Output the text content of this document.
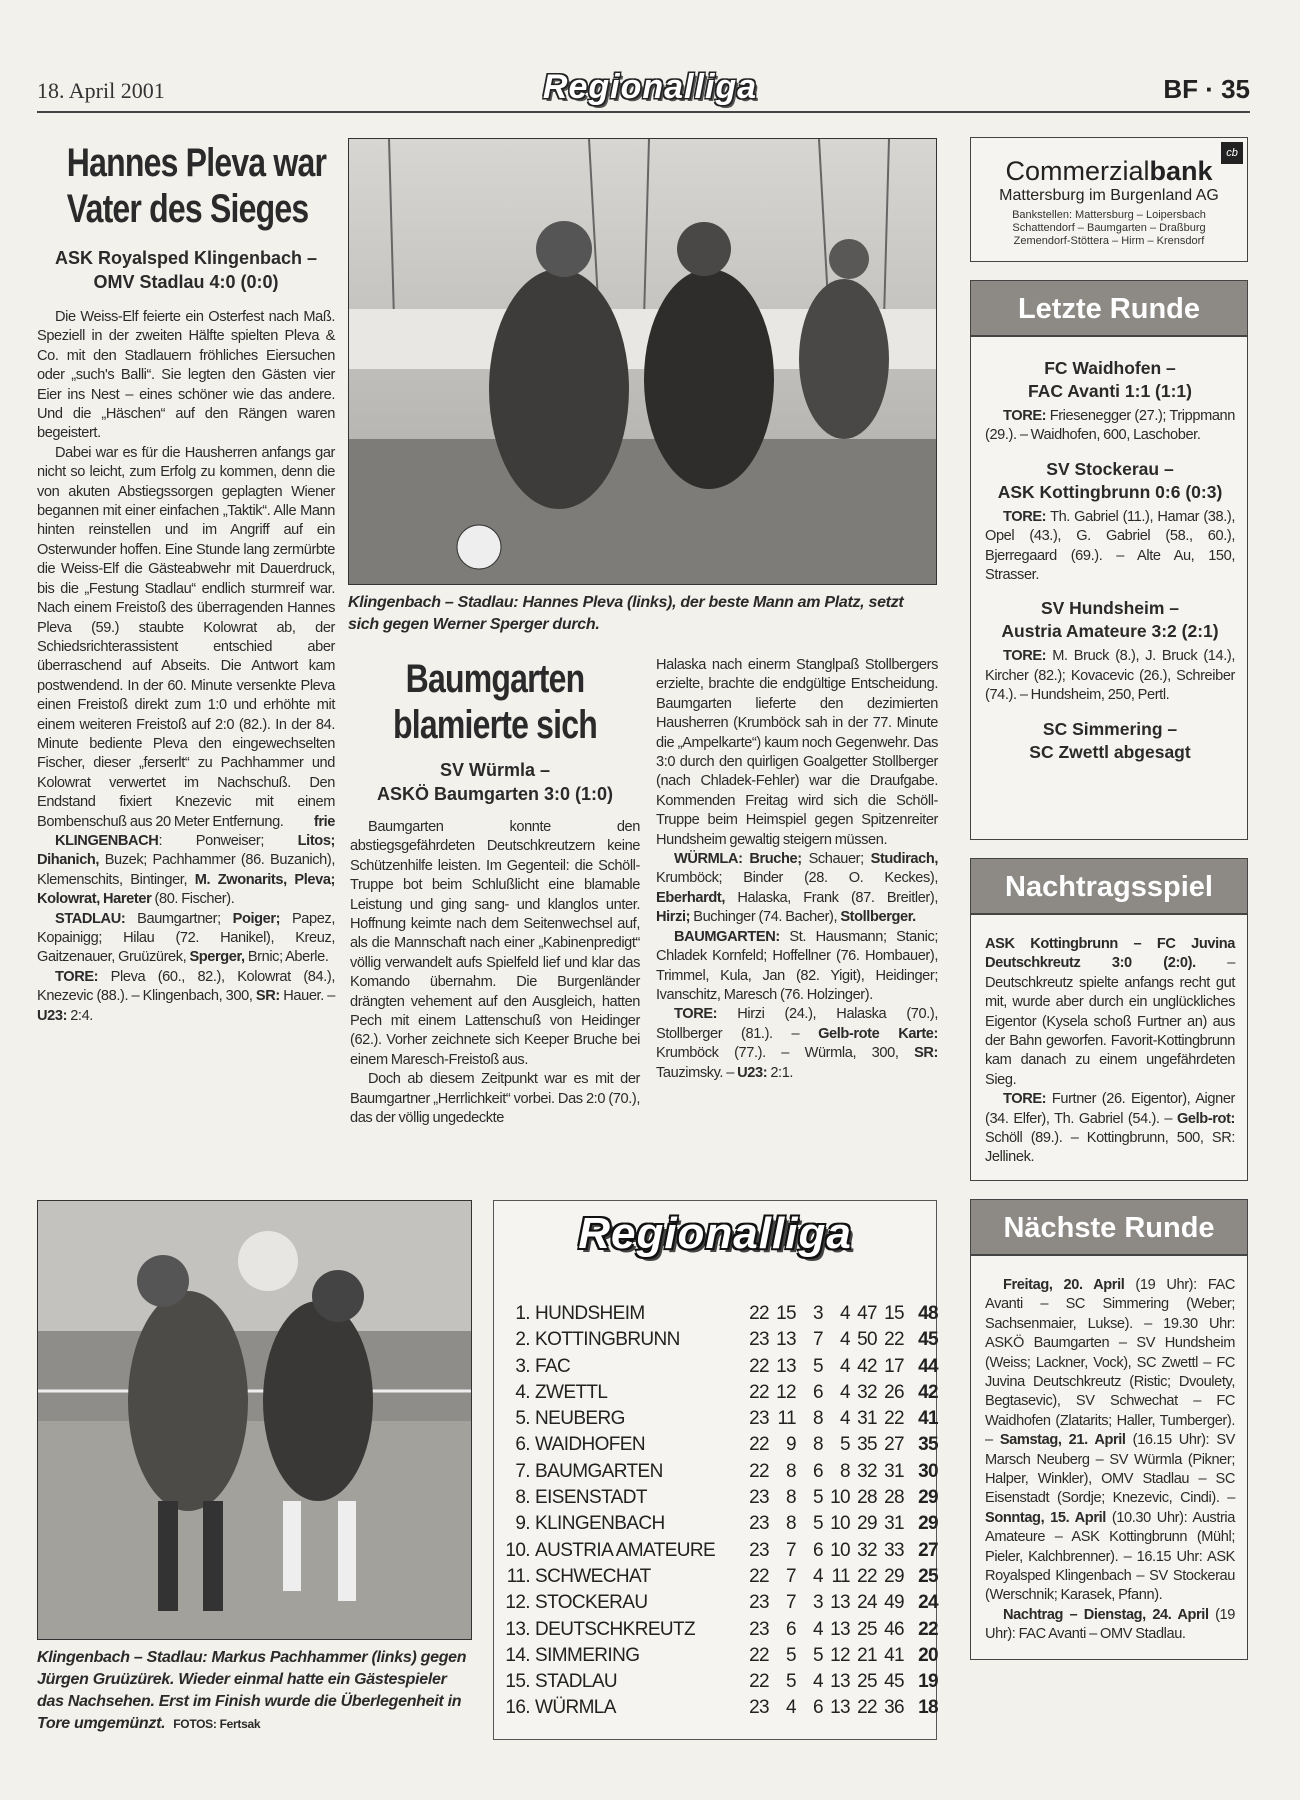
18. April 2001	Regionalliga	BF · 35
Hannes Pleva war
Vater des Sieges
ASK Royalsped Klingenbach –
OMV Stadlau 4:0 (0:0)

Die Weiss-Elf feierte ein Osterfest nach Maß. Speziell in der zweiten Hälfte spielten Pleva & Co. mit den Stadlauern fröhliches Eiersuchen oder „such's Balli“. Sie legten den Gästen vier Eier ins Nest – eines schöner wie das andere. Und die „Häschen“ auf den Rängen waren begeistert.

Dabei war es für die Hausherren anfangs gar nicht so leicht, zum Erfolg zu kommen, denn die von akuten Abstiegssorgen geplagten Wiener begannen mit einer einfachen „Taktik“. Alle Mann hinten reinstellen und im Angriff auf ein Osterwunder hoffen. Eine Stunde lang zermürbte die Weiss-Elf die Gästeabwehr mit Dauerdruck, bis die „Festung Stadlau“ endlich sturmreif war. Nach einem Freistoß des überragenden Hannes Pleva (59.) staubte Kolowrat ab, der Schiedsrichterassistent entschied aber überraschend auf Abseits. Die Antwort kam postwendend. In der 60. Minute versenkte Pleva einen Freistoß direkt zum 1:0 und erhöhte mit einem weiteren Freistoß auf 2:0 (82.). In der 84. Minute bediente Pleva den eingewechselten Fischer, dieser „ferserlt“ zu Pachhammer und Kolowrat verwertet im Nachschuß. Den Endstand fixiert Knezevic mit einem Bombenschuß aus 20 Meter Entfernung.	frie

KLINGENBACH: Ponweiser; Litos; Dihanich, Buzek; Pachhammer (86. Buzanich), Klemenschits, Bintinger, M. Zwonarits, Pleva; Kolowrat, Hareter (80. Fischer).

STADLAU: Baumgartner; Poiger; Papez, Kopainigg; Hilau (72. Hanikel), Kreuz, Gaitzenauer, Gruüzürek, Sperger, Brnic; Aberle.

TORE: Pleva (60., 82.), Kolowrat (84.), Knezevic (88.). – Klingenbach, 300, SR: Hauer. – U23: 2:4.

Klingenbach – Stadlau: Hannes Pleva (links), der beste Mann am Platz, setzt sich gegen Werner Sperger durch.
Baumgarten
blamierte sich
SV Würmla –
ASKÖ Baumgarten 3:0 (1:0)

Baumgarten konnte den abstiegsgefährdeten Deutschkreutzern keine Schützenhilfe leisten. Im Gegenteil: die Schöll-Truppe bot beim Schlußlicht eine blamable Leistung und ging sang- und klanglos unter. Hoffnung keimte nach dem Seitenwechsel auf, als die Mannschaft nach einer „Kabinenpredigt“ völlig verwandelt aufs Spielfeld lief und klar das Komando übernahm. Die Burgenländer drängten vehement auf den Ausgleich, hatten Pech mit einem Lattenschuß von Heidinger (62.). Vorher zeichnete sich Keeper Bruche bei einem Maresch-Freistoß aus.

Doch ab diesem Zeitpunkt war es mit der Baumgartner „Herrlichkeit“ vorbei. Das 2:0 (70.), das der völlig ungedeckte

Halaska nach einerm Stanglpaß Stollbergers erzielte, brachte die endgültige Entscheidung. Baumgarten lieferte den dezimierten Hausherren (Krumböck sah in der 77. Minute die „Ampelkarte“) kaum noch Gegenwehr. Das 3:0 durch den quirligen Goalgetter Stollberger (nach Chladek-Fehler) war die Draufgabe. Kommenden Freitag wird sich die Schöll-Truppe beim Heimspiel gegen Spitzenreiter Hundsheim gewaltig steigern müssen.

WÜRMLA: Bruche; Schauer; Studirach, Krumböck; Binder (28. O. Keckes), Eberhardt, Halaska, Frank (87. Breitler), Hirzi; Buchinger (74. Bacher), Stollberger.

BAUMGARTEN: St. Hausmann; Stanic; Chladek Kornfeld; Hoffellner (76. Hombauer), Trimmel, Kula, Jan (82. Yigit), Heidinger; Ivanschitz, Maresch (76. Holzinger).

TORE: Hirzi (24.), Halaska (70.), Stollberger (81.). – Gelb-rote Karte: Krumböck (77.). – Würmla, 300, SR: Tauzimsky. – U23: 2:1.

cb
Commerzialbank
Mattersburg im Burgenland AG
Bankstellen: Mattersburg – Loipersbach
Schattendorf – Baumgarten – Draßburg
Zemendorf-Stöttera – Hirm – Krensdorf
Letzte Runde
FC Waidhofen –
FAC Avanti 1:1 (1:1)

TORE: Friesenegger (27.); Trippmann (29.). – Waidhofen, 600, Laschober.

SV Stockerau –
ASK Kottingbrunn 0:6 (0:3)

TORE: Th. Gabriel (11.), Hamar (38.), Opel (43.), G. Gabriel (58., 60.), Bjerregaard (69.). – Alte Au, 150, Strasser.

SV Hundsheim –
Austria Amateure 3:2 (2:1)

TORE: M. Bruck (8.), J. Bruck (14.), Kircher (82.); Kovacevic (26.), Schreiber (74.). – Hundsheim, 250, Pertl.

SC Simmering –
SC Zwettl abgesagt
Nachtragsspiel

ASK Kottingbrunn – FC Juvina Deutschkreutz 3:0 (2:0). – Deutschkreutz spielte anfangs recht gut mit, wurde aber durch ein unglückliches Eigentor (Kysela schoß Furtner an) aus der Bahn geworfen. Favorit-Kottingbrunn kam danach zu einem ungefährdeten Sieg.

TORE: Furtner (26. Eigentor), Aigner (34. Elfer), Th. Gabriel (54.). – Gelb-rot: Schöll (89.). – Kottingbrunn, 500, SR: Jellinek.

Nächste Runde

Freitag, 20. April (19 Uhr): FAC Avanti – SC Simmering (Weber; Sachsenmaier, Lukse). – 19.30 Uhr: ASKÖ Baumgarten – SV Hundsheim (Weiss; Lackner, Vock), SC Zwettl – FC Juvina Deutschkreutz (Ristic; Dvoulety, Begtasevic), SV Schwechat – FC Waidhofen (Zlatarits; Haller, Tumberger). – Samstag, 21. April (16.15 Uhr): SV Marsch Neuberg – SV Würmla (Pikner; Halper, Winkler), OMV Stadlau – SC Eisenstadt (Sordje; Knezevic, Cindi). – Sonntag, 15. April (10.30 Uhr): Austria Amateure – ASK Kottingbrunn (Mühl; Pieler, Kalchbrenner). – 16.15 Uhr: ASK Royalsped Klingenbach – SV Stockerau (Werschnik; Karasek, Pfann).

Nachtrag – Dienstag, 24. April (19 Uhr): FAC Avanti – OMV Stadlau.

Klingenbach – Stadlau: Markus Pachhammer (links) gegen Jürgen Gruüzürek. Wieder einmal hatte ein Gästespieler das Nachsehen. Erst im Finish wurde die Überlegenheit in Tore umgemünzt. FOTOS: Fertsak
Regionalliga
1. HUNDSHEIM	22 15 3 4 47 15 48
2. KOTTINGBRUNN	23 13 7 4 50 22 45
3. FAC	22 13 5 4 42 17 44
4. ZWETTL	22 12 6 4 32 26 42
5. NEUBERG	23 11 8 4 31 22 41
6. WAIDHOFEN	22 9 8 5 35 27 35
7. BAUMGARTEN	22 8 6 8 32 31 30
8. EISENSTADT	23 8 5 10 28 28 29
9. KLINGENBACH	23 8 5 10 29 31 29
10. AUSTRIA AMATEURE	23 7 6 10 32 33 27
11. SCHWECHAT	22 7 4 11 22 29 25
12. STOCKERAU	23 7 3 13 24 49 24
13. DEUTSCHKREUTZ	23 6 4 13 25 46 22
14. SIMMERING	22 5 5 12 21 41 20
15. STADLAU	22 5 4 13 25 45 19
16. WÜRMLA	23 4 6 13 22 36 18
